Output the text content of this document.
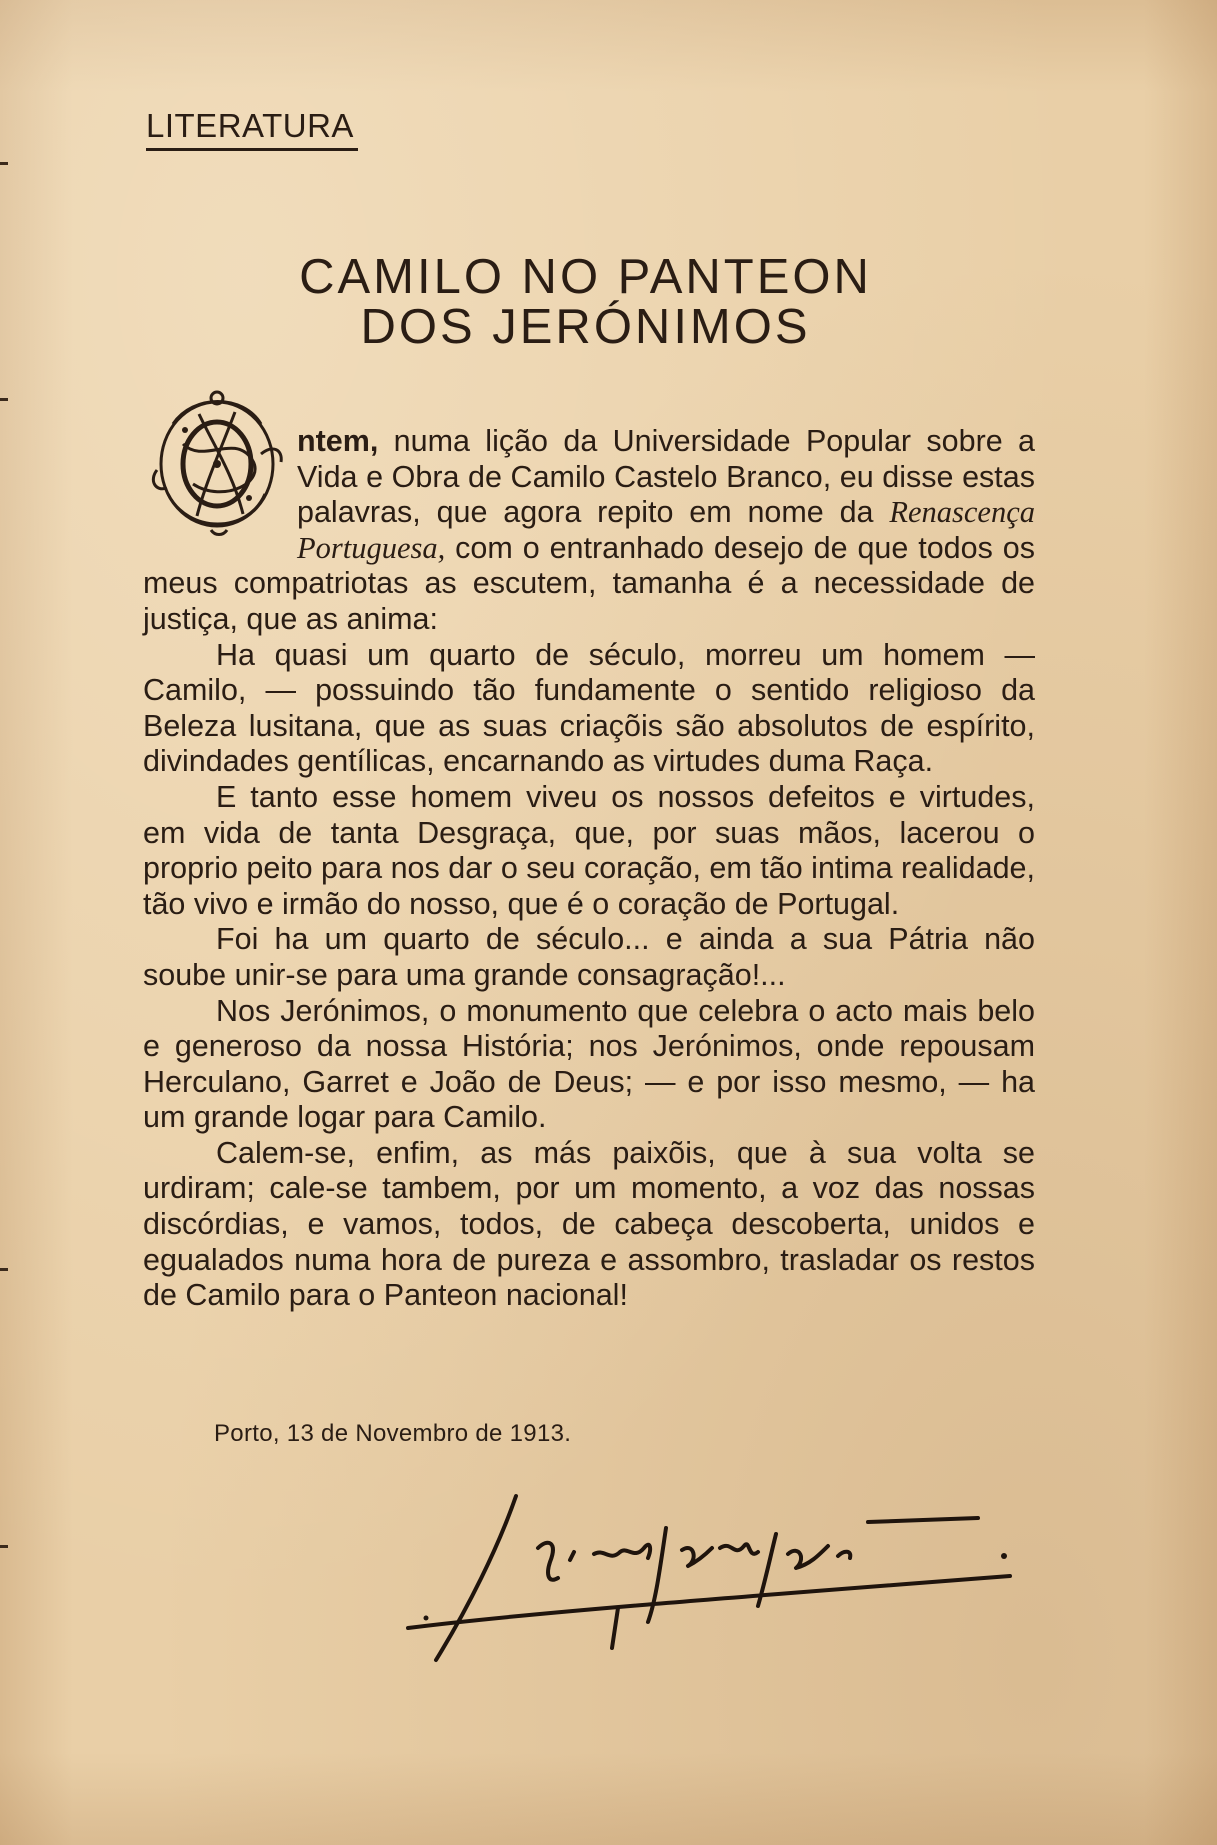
LITERATURA
CAMILO NO PANTEON
DOS JERÓNIMOS

ntem, numa lição da Universidade Popular sobre a Vida e Obra de Camilo Castelo Branco, eu disse estas palavras, que agora repito em nome da Renascença Portuguesa, com o entranhado desejo de que todos os meus compatriotas as escutem, tamanha é a necessidade de justiça, que as anima:

Ha quasi um quarto de século, morreu um homem — Camilo, — possuindo tão fundamente o sentido religioso da Beleza lusitana, que as suas criaçõis são absolutos de espírito, divindades gentílicas, encarnando as virtudes duma Raça.

E tanto esse homem viveu os nossos defeitos e virtudes, em vida de tanta Desgraça, que, por suas mãos, lacerou o proprio peito para nos dar o seu coração, em tão intima realidade, tão vivo e irmão do nosso, que é o coração de Portugal.

Foi ha um quarto de século... e ainda a sua Pátria não soube unir-se para uma grande consagração!...

Nos Jerónimos, o monumento que celebra o acto mais belo e generoso da nossa História; nos Jerónimos, onde repousam Herculano, Garret e João de Deus; — e por isso mesmo, — ha um grande logar para Camilo.

Calem-se, enfim, as más paixõis, que à sua volta se urdiram; cale-se tambem, por um momento, a voz das nossas discórdias, e vamos, todos, de cabeça descoberta, unidos e egualados numa hora de pureza e assombro, trasladar os restos de Camilo para o Panteon nacional!

Porto, 13 de Novembro de 1913.
